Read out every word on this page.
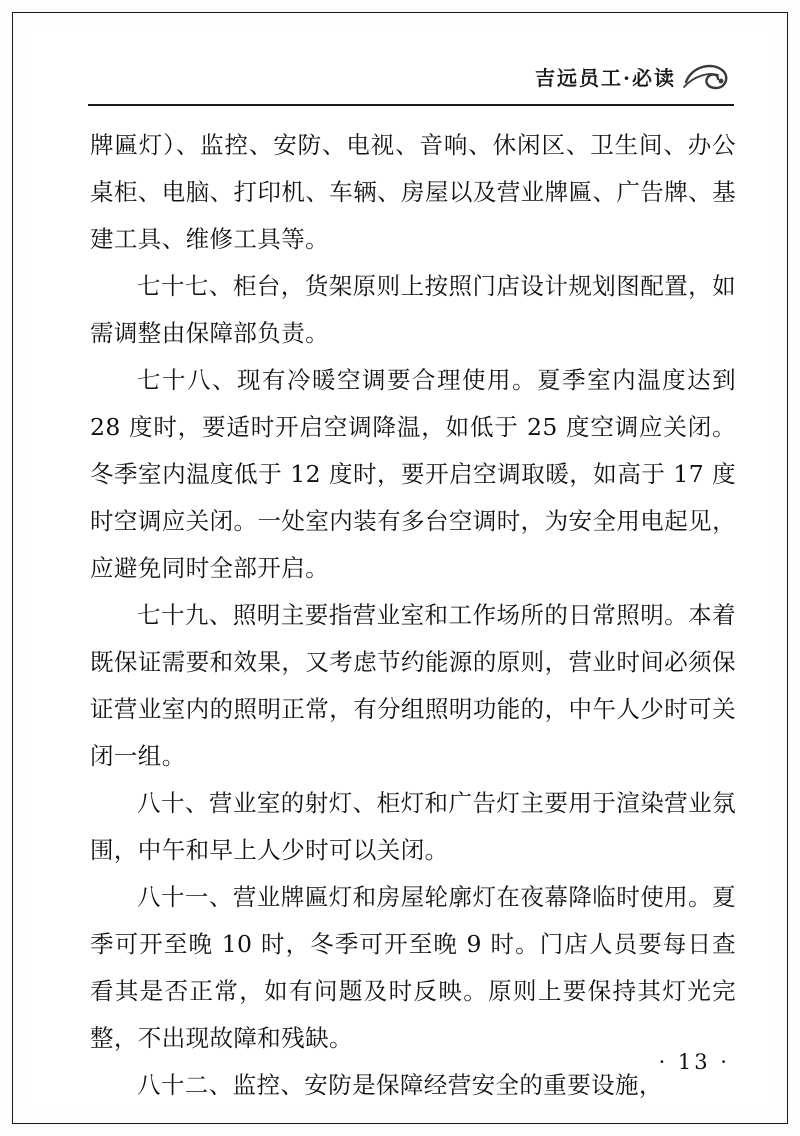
吉远员工·必读

牌匾灯）、监控、安防、电视、音响、休闲区、卫生间、办公桌柜、电脑、打印机、车辆、房屋以及营业牌匾、广告牌、基建工具、维修工具等。

七十七、柜台，货架原则上按照门店设计规划图配置，如需调整由保障部负责。

七十八、现有冷暖空调要合理使用。夏季室内温度达到 28 度时，要适时开启空调降温，如低于 25 度空调应关闭。冬季室内温度低于 12 度时，要开启空调取暖，如高于 17 度时空调应关闭。一处室内装有多台空调时，为安全用电起见，应避免同时全部开启。

七十九、照明主要指营业室和工作场所的日常照明。本着既保证需要和效果，又考虑节约能源的原则，营业时间必须保证营业室内的照明正常，有分组照明功能的，中午人少时可关闭一组。

八十、营业室的射灯、柜灯和广告灯主要用于渲染营业氛围，中午和早上人少时可以关闭。

八十一、营业牌匾灯和房屋轮廓灯在夜幕降临时使用。夏季可开至晚 10 时，冬季可开至晚 9 时。门店人员要每日查看其是否正常，如有问题及时反映。原则上要保持其灯光完整，不出现故障和残缺。

八十二、监控、安防是保障经营安全的重要设施，

· 13 ·
